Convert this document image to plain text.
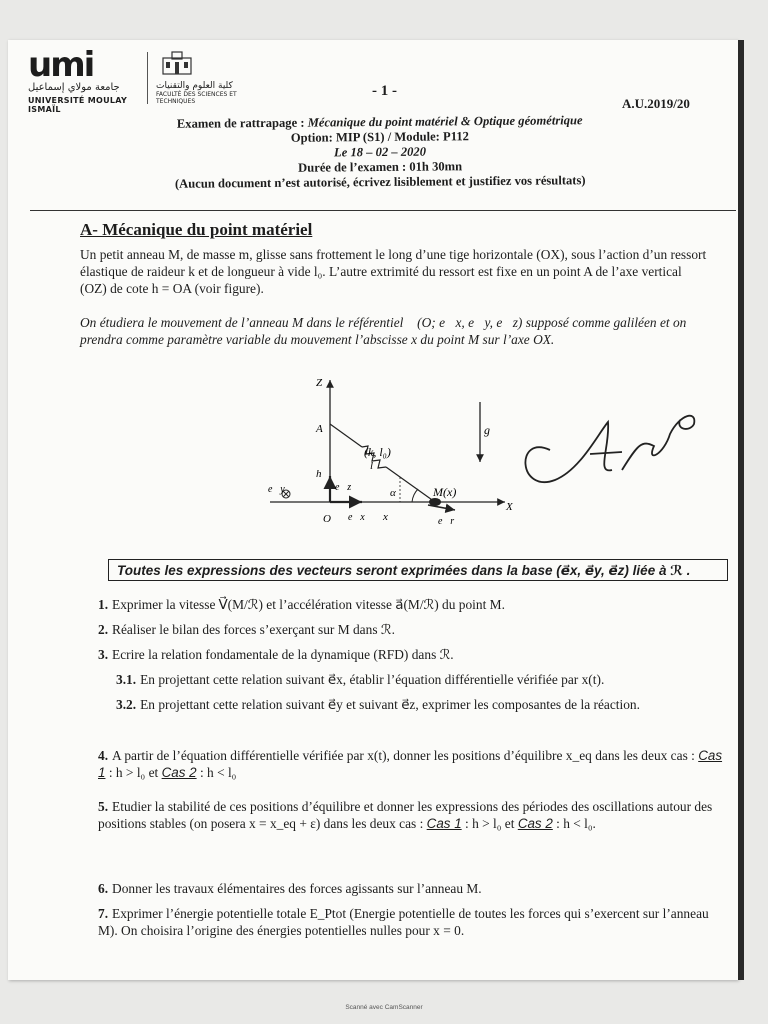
umi
جامعة مولاي إسماعيل
UNIVERSITÉ MOULAY ISMAÏL
كلية العلوم والتقنيات
FACULTÉ DES SCIENCES ET TECHNIQUES
- 1 -
A.U.2019/20
Examen de rattrapage : Mécanique du point matériel & Optique géométrique
Option: MIP (S1) / Module: P112
Le 18 – 02 – 2020
Durée de l’examen : 01h 30mn
(Aucun document n’est autorisé, écrivez lisiblement et justifiez vos résultats)
A- Mécanique du point matériel
Un petit anneau M, de masse m, glisse sans frottement le long d’une tige horizontale (OX), sous l’action d’un ressort élastique de raideur k et de longueur à vide l₀. L’autre extrimité du ressort est fixe en un point A de l’axe vertical (OZ) de cote h = OA (voir figure).
On étudiera le mouvement de l’anneau M dans le référentiel ℛ(O; e⃗x, e⃗y, e⃗z) supposé comme galiléen et on prendra comme paramètre variable du mouvement l’abscisse x du point M sur l’axe OX.
Z
X
A
h
O e⃗x
e⃗z
e⃗y
e⃗r
x
l
α	M(x)
(k, l₀)
g⃗
Toutes les expressions des vecteurs seront exprimées dans la base (e⃗x, e⃗y, e⃗z) liée à ℛ .
1. Exprimer la vitesse V⃗(M/ℛ) et l’accélération vitesse a⃗(M/ℛ) du point M.
2. Réaliser le bilan des forces s’exerçant sur M dans ℛ.
3. Ecrire la relation fondamentale de la dynamique (RFD) dans ℛ.
3.1. En projettant cette relation suivant e⃗x, établir l’équation différentielle vérifiée par x(t).
3.2. En projettant cette relation suivant e⃗y et suivant e⃗z, exprimer les composantes de la réaction.
4. A partir de l’équation différentielle vérifiée par x(t), donner les positions d’équilibre x_eq dans les deux cas : Cas 1 : h > l₀ et Cas 2 : h < l₀
5. Etudier la stabilité de ces positions d’équilibre et donner les expressions des périodes des oscillations autour des positions stables (on posera x = x_eq + ε) dans les deux cas : Cas 1 : h > l₀ et Cas 2 : h < l₀.
6. Donner les travaux élémentaires des forces agissants sur l’anneau M.
7. Exprimer l’énergie potentielle totale E_Ptot (Energie potentielle de toutes les forces qui s’exercent sur l’anneau M). On choisira l’origine des énergies potentielles nulles pour x = 0.
Scanné avec CamScanner
